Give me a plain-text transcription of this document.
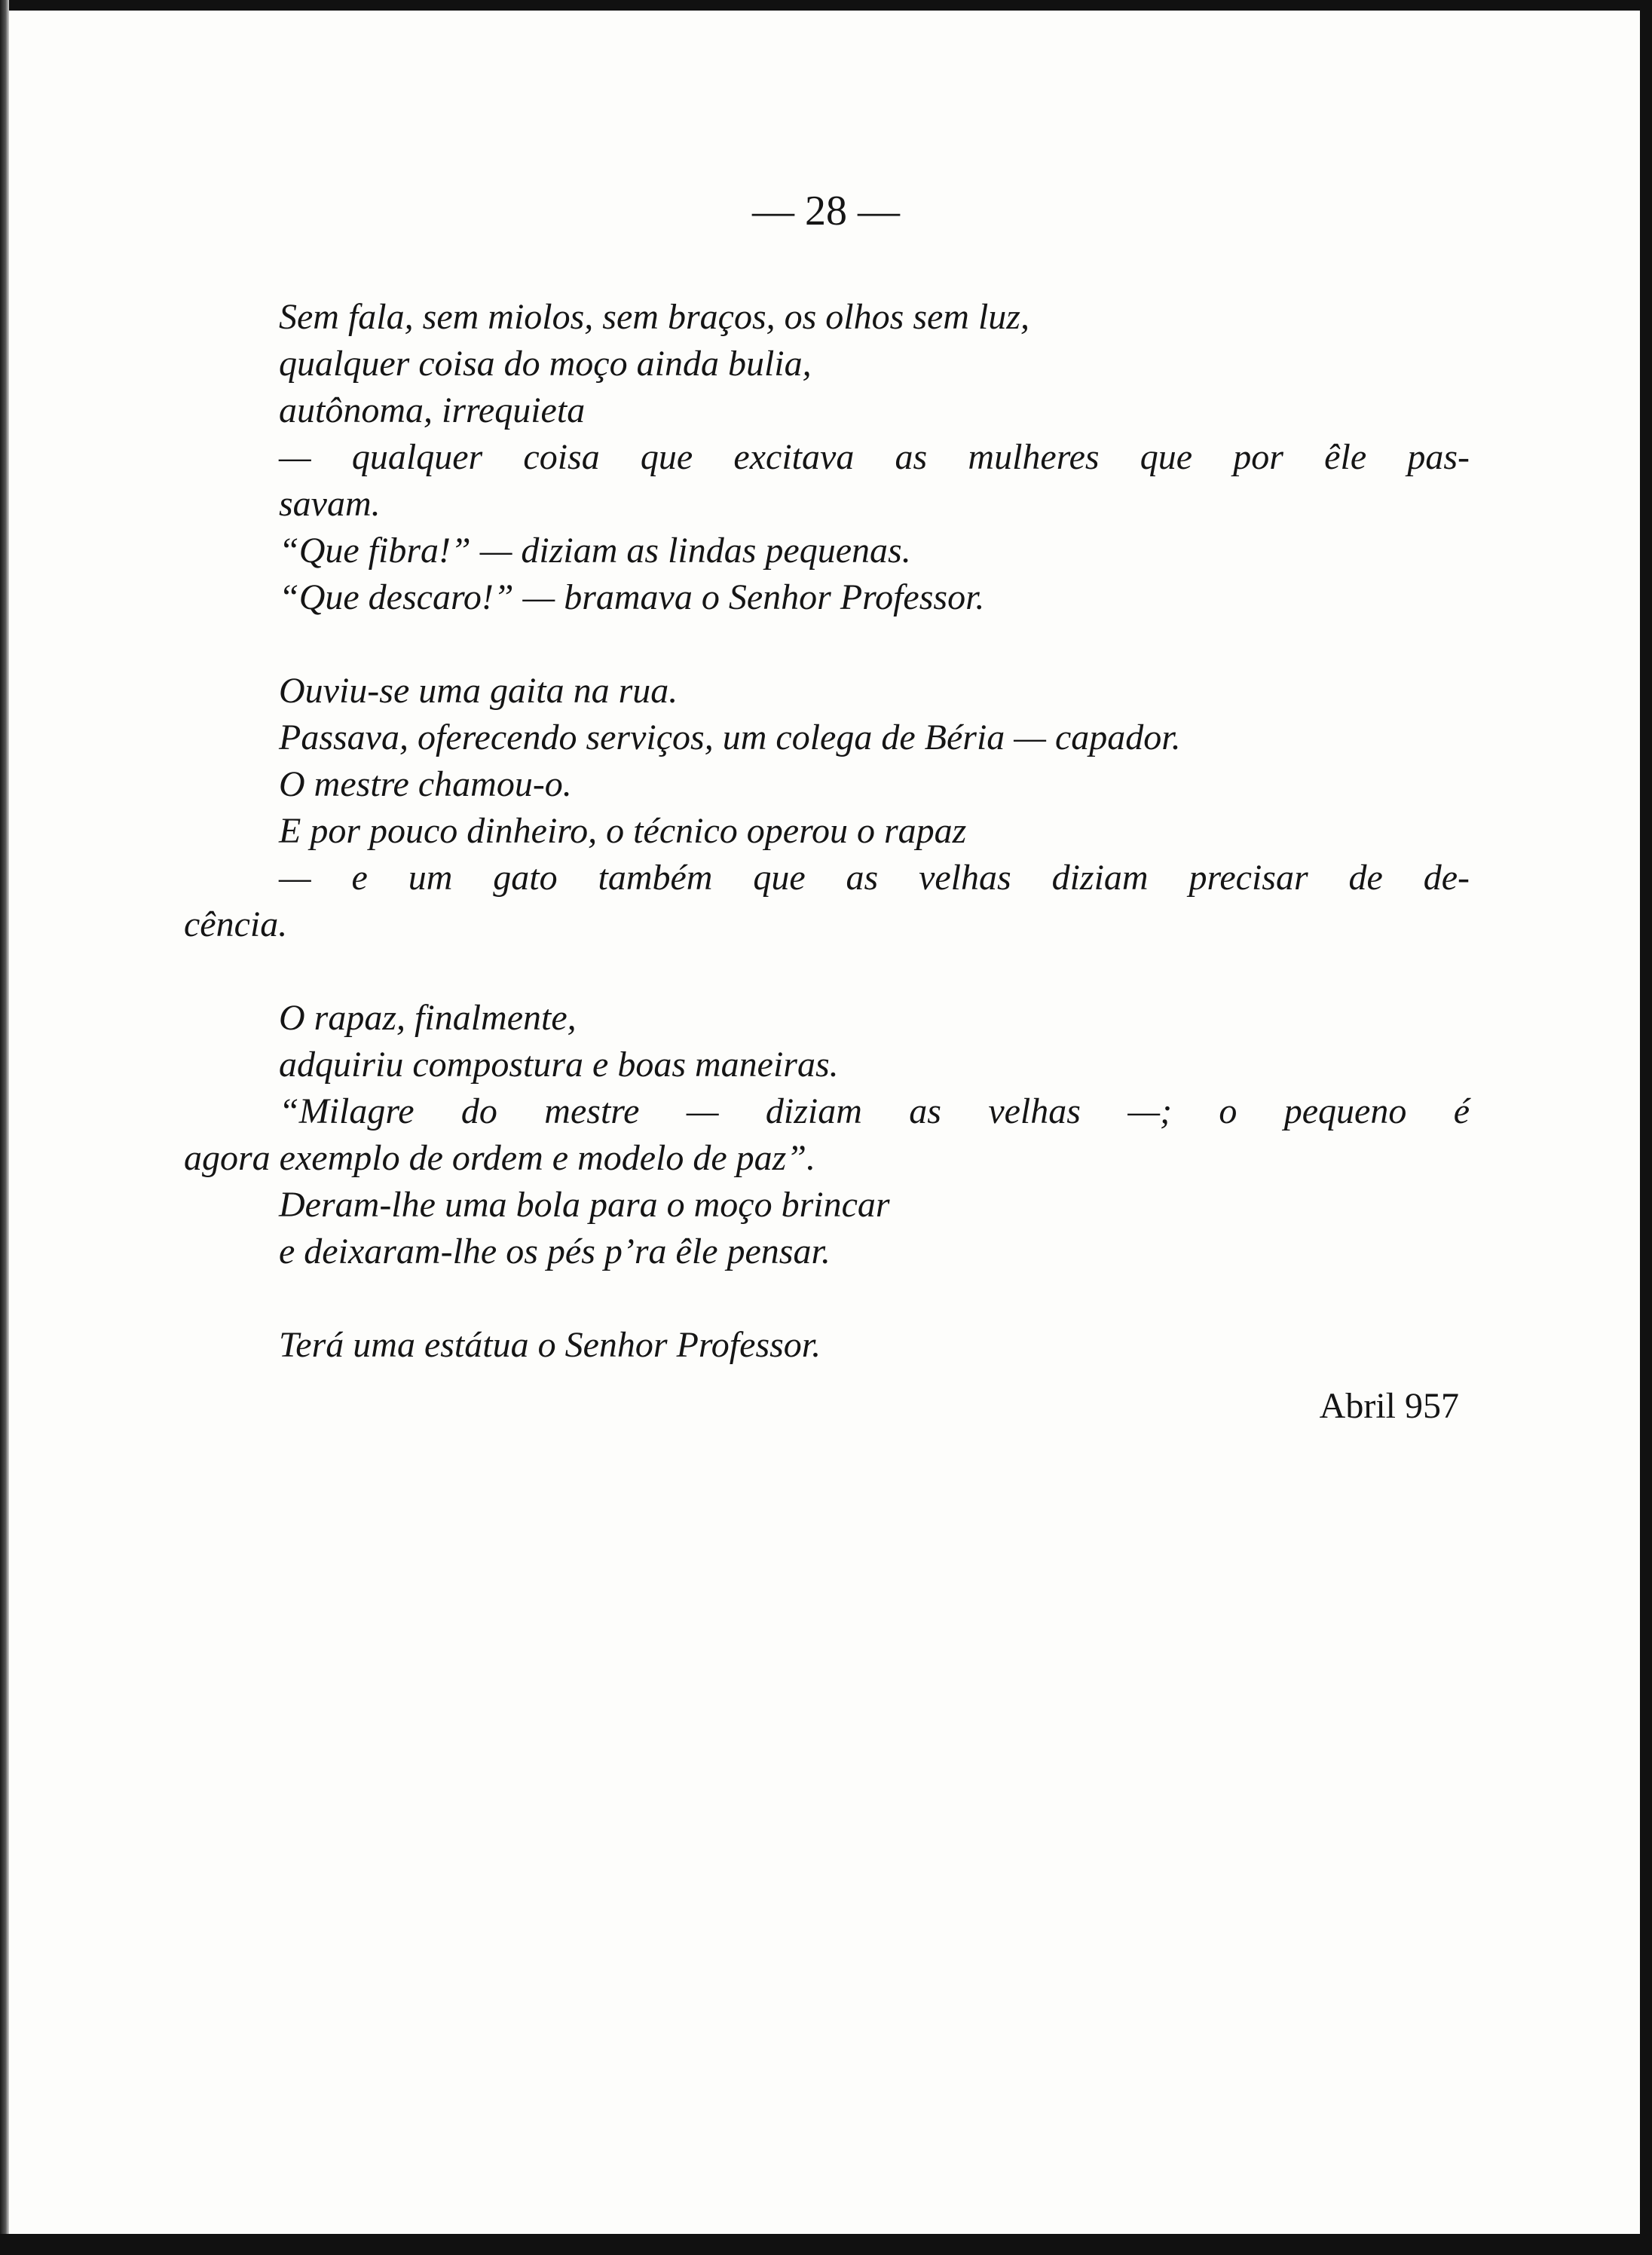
— 28 —
Sem fala, sem miolos, sem braços, os olhos sem luz,
qualquer coisa do moço ainda bulia,
autônoma, irrequieta
— qualquer coisa que excitava as mulheres que por êle pas-
savam.
“Que fibra!” — diziam as lindas pequenas.
“Que descaro!” — bramava o Senhor Professor.
Ouviu-se uma gaita na rua.
Passava, oferecendo serviços, um colega de Béria — capador.
O mestre chamou-o.
E por pouco dinheiro, o técnico operou o rapaz
— e um gato também que as velhas diziam precisar de de-
cência.
O rapaz, finalmente,
adquiriu compostura e boas maneiras.
“Milagre do mestre — diziam as velhas —; o pequeno é
agora exemplo de ordem e modelo de paz”.
Deram-lhe uma bola para o moço brincar
e deixaram-lhe os pés p’ra êle pensar.
Terá uma estátua o Senhor Professor.
Abril 957
